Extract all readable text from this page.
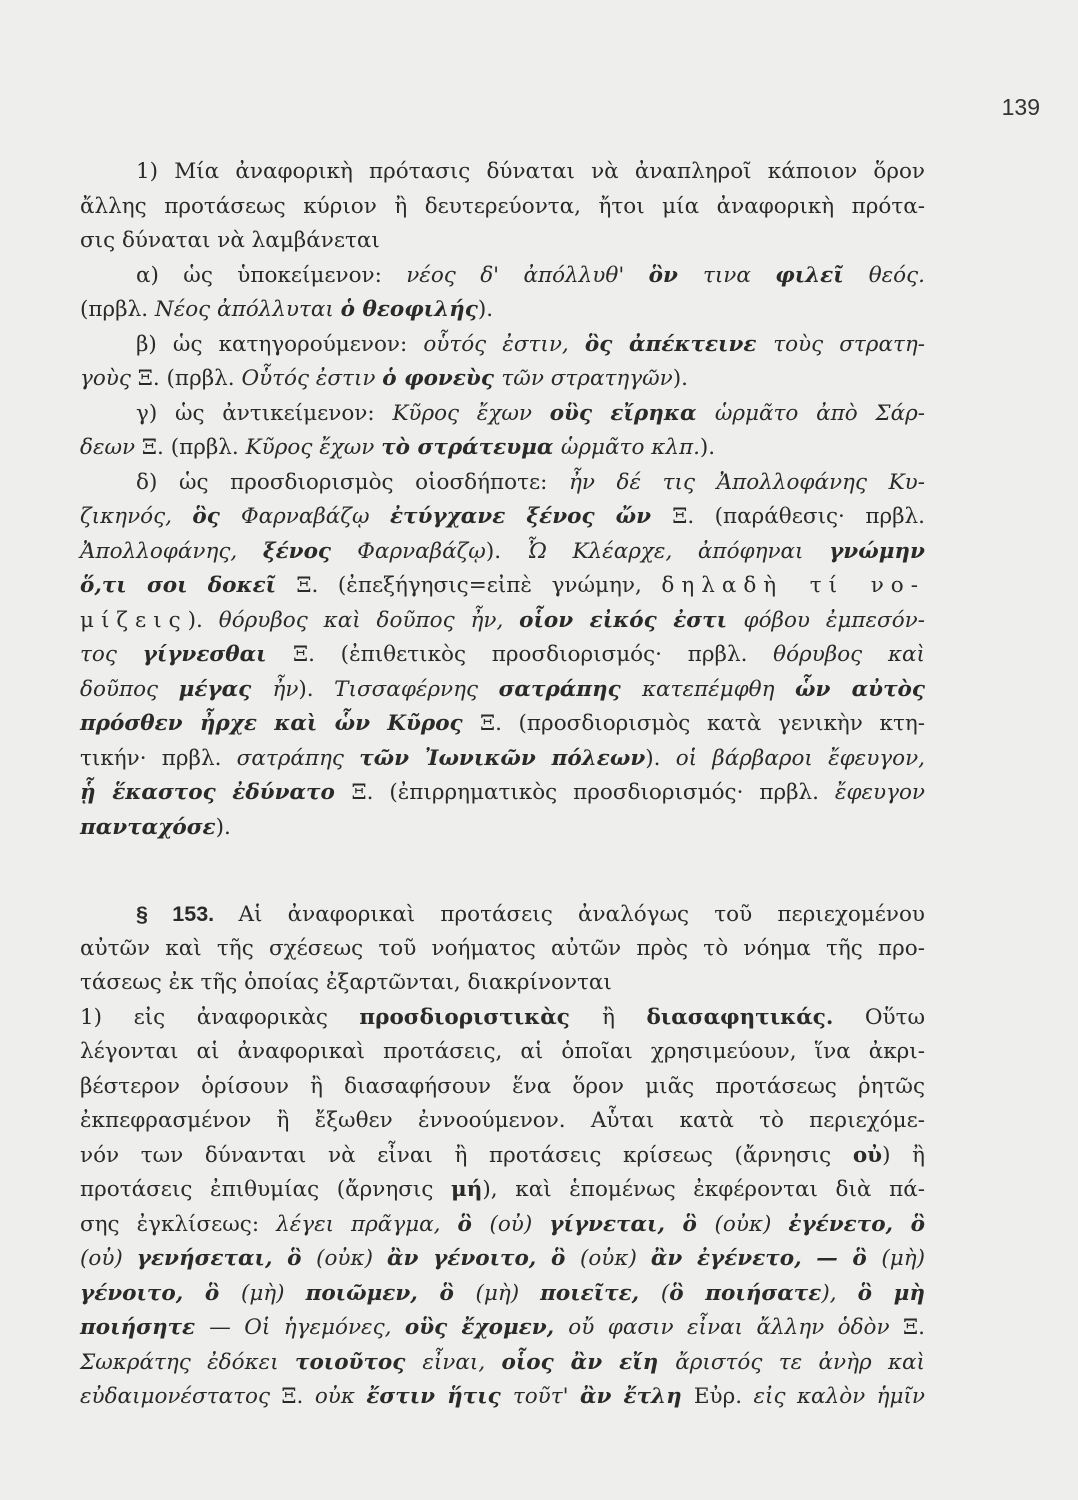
139
1) Μία ἀναφορικὴ πρότασις δύναται νὰ ἀναπληροῖ κάποιον ὅρον
ἄλλης προτάσεως κύριον ἢ δευτερεύοντα, ἤτοι μία ἀναφορικὴ πρότα-
σις δύναται νὰ λαμβάνεται
α) ὡς ὑποκείμενον: νέος δ' ἀπόλλυθ' ὃν τινα φιλεῖ θεός.
(πρβλ. Νέος ἀπόλλυται ὁ θεοφιλής).
β) ὡς κατηγορούμενον: οὗτός ἐστιν, ὃς ἀπέκτεινε τοὺς στρατη-
γοὺς Ξ. (πρβλ. Οὗτός ἐστιν ὁ φονεὺς τῶν στρατηγῶν).
γ) ὡς ἀντικείμενον: Κῦρος ἔχων οὓς εἴρηκα ὡρμᾶτο ἀπὸ Σάρ-
δεων Ξ. (πρβλ. Κῦρος ἔχων τὸ στράτευμα ὡρμᾶτο κλπ.).
δ) ὡς προσδιορισμὸς οἱοσδήποτε: ἦν δέ τις Ἀπολλοφάνης Κυ-
ζικηνός, ὃς Φαρναβάζῳ ἐτύγχανε ξένος ὤν Ξ. (παράθεσις· πρβλ.
Ἀπολλοφάνης, ξένος Φαρναβάζῳ). Ὦ Κλέαρχε, ἀπόφηναι γνώμην
ὅ,τι σοι δοκεῖ Ξ. (ἐπεξήγησις=εἰπὲ γνώμην, δηλαδὴ τί νο-
μίζεις). θόρυβος καὶ δοῦπος ἦν, οἷον εἰκός ἐστι φόβου ἐμπεσόν-
τος γίγνεσθαι Ξ. (ἐπιθετικὸς προσδιορισμός· πρβλ. θόρυβος καὶ
δοῦπος μέγας ἦν). Τισσαφέρνης σατράπης κατεπέμφθη ὧν αὐτὸς
πρόσθεν ἦρχε καὶ ὧν Κῦρος Ξ. (προσδιορισμὸς κατὰ γενικὴν κτη-
τικήν· πρβλ. σατράπης τῶν Ἰωνικῶν πόλεων). οἱ βάρβαροι ἔφευγον,
ᾗ ἕκαστος ἐδύνατο Ξ. (ἐπιρρηματικὸς προσδιορισμός· πρβλ. ἔφευγον
πανταχόσε).
§ 153. Αἱ ἀναφορικαὶ προτάσεις ἀναλόγως τοῦ περιεχομένου
αὐτῶν καὶ τῆς σχέσεως τοῦ νοήματος αὐτῶν πρὸς τὸ νόημα τῆς προ-
τάσεως ἐκ τῆς ὁποίας ἐξαρτῶνται, διακρίνονται
1) εἰς ἀναφορικὰς προσδιοριστικὰς ἢ διασαφητικάς. Οὕτω
λέγονται αἱ ἀναφορικαὶ προτάσεις, αἱ ὁποῖαι χρησιμεύουν, ἵνα ἀκρι-
βέστερον ὁρίσουν ἢ διασαφήσουν ἕνα ὅρον μιᾶς προτάσεως ῥητῶς
ἐκπεφρασμένον ἢ ἔξωθεν ἐννοούμενον. Αὗται κατὰ τὸ περιεχόμε-
νόν των δύνανται νὰ εἶναι ἢ προτάσεις κρίσεως (ἄρνησις οὐ) ἢ
προτάσεις ἐπιθυμίας (ἄρνησις μή), καὶ ἑπομένως ἐκφέρονται διὰ πά-
σης ἐγκλίσεως: λέγει πρᾶγμα, ὃ (οὐ) γίγνεται, ὃ (οὐκ) ἐγένετο, ὃ
(οὐ) γενήσεται, ὃ (οὐκ) ἂν γένοιτο, ὃ (οὐκ) ἂν ἐγένετο, — ὃ (μὴ)
γένοιτο, ὃ (μὴ) ποιῶμεν, ὃ (μὴ) ποιεῖτε, (ὃ ποιήσατε), ὃ μὴ
ποιήσητε — Οἱ ἡγεμόνες, οὓς ἔχομεν, οὔ φασιν εἶναι ἄλλην ὁδὸν Ξ.
Σωκράτης ἐδόκει τοιοῦτος εἶναι, οἷος ἂν εἴη ἄριστός τε ἀνὴρ καὶ
εὐδαιμονέστατος Ξ. οὐκ ἔστιν ἥτις τοῦτ' ἂν ἔτλη Εὐρ. εἰς καλὸν ἡμῖν
